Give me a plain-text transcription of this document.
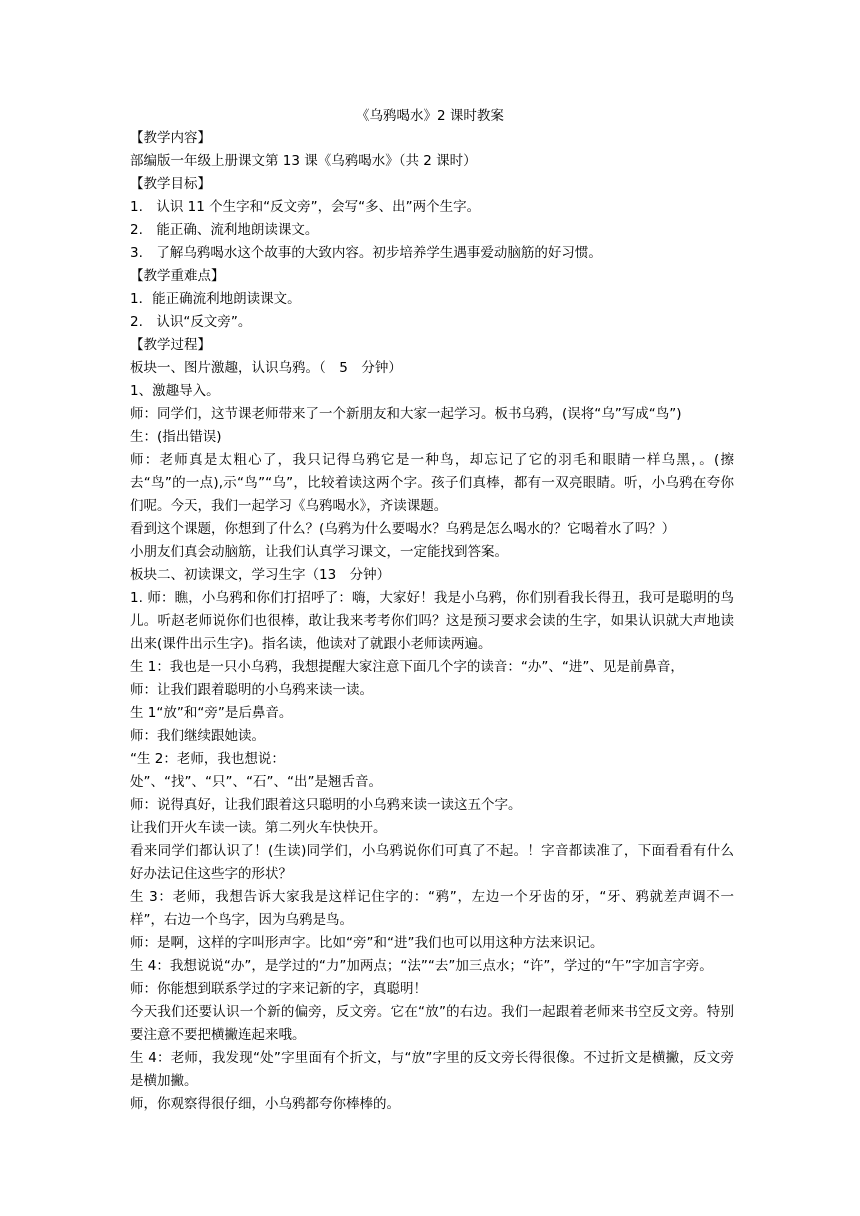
《乌鸦喝水》2 课时教案
【教学内容】
部编版一年级上册课文第 13 课《乌鸦喝水》（共 2 课时）
【教学目标】
1.　认识 11 个生字和“反文旁”，会写“多、出”两个生字。
2.　能正确、流利地朗读课文。
3.　了解乌鸦喝水这个故事的大致内容。初步培养学生遇事爱动脑筋的好习惯。
【教学重难点】
1．能正确流利地朗读课文。
2.　认识“反文旁”。
【教学过程】
板块一、图片激趣，认识乌鸦。（　5　分钟）
1、激趣导入。
师：同学们，这节课老师带来了一个新朋友和大家一起学习。板书乌鸦，(误将“乌”写成“鸟”)
生：(指出错误)
师：老师真是太粗心了，我只记得乌鸦它是一种鸟，却忘记了它的羽毛和眼睛一样乌黑，。(擦去“鸟”的一点),示“鸟”“乌”，比较着读这两个字。孩子们真棒，都有一双亮眼睛。听，小乌鸦在夸你们呢。今天，我们一起学习《乌鸦喝水》，齐读课题。
看到这个课题，你想到了什么？(乌鸦为什么要喝水？乌鸦是怎么喝水的？它喝着水了吗？）
小朋友们真会动脑筋，让我们认真学习课文，一定能找到答案。
板块二、初读课文，学习生字（13　分钟）
1. 师：瞧，小乌鸦和你们打招呼了：嗨，大家好！我是小乌鸦，你们别看我长得丑，我可是聪明的鸟儿。听赵老师说你们也很棒，敢让我来考考你们吗？这是预习要求会读的生字，如果认识就大声地读出来(课件出示生字)。指名读，他读对了就跟小老师读两遍。
生 1：我也是一只小乌鸦，我想提醒大家注意下面几个字的读音：“办”、“进”、见是前鼻音，
师：让我们跟着聪明的小乌鸦来读一读。
生 1“放”和“旁”是后鼻音。
师：我们继续跟她读。
“生 2：老师，我也想说：
处”、“找”、“只”、“石”、“出”是翘舌音。
师：说得真好，让我们跟着这只聪明的小乌鸦来读一读这五个字。
让我们开火车读一读。第二列火车快快开。
看来同学们都认识了！(生读)同学们，小乌鸦说你们可真了不起。！字音都读准了，下面看看有什么好办法记住这些字的形状？
生 3：老师，我想告诉大家我是这样记住字的：“鸦”，左边一个牙齿的牙，“牙、鸦就差声调不一样”，右边一个鸟字，因为乌鸦是鸟。
师：是啊，这样的字叫形声字。比如“旁”和“进”我们也可以用这种方法来识记。
生 4：我想说说“办”，是学过的“力”加两点；“法”“去”加三点水；“许”，学过的“午”字加言字旁。
师：你能想到联系学过的字来记新的字，真聪明！
今天我们还要认识一个新的偏旁，反文旁。它在“放”的右边。我们一起跟着老师来书空反文旁。特别要注意不要把横撇连起来哦。
生 4：老师，我发现“处”字里面有个折文，与“放”字里的反文旁长得很像。不过折文是横撇，反文旁是横加撇。
师，你观察得很仔细，小乌鸦都夸你棒棒的。
